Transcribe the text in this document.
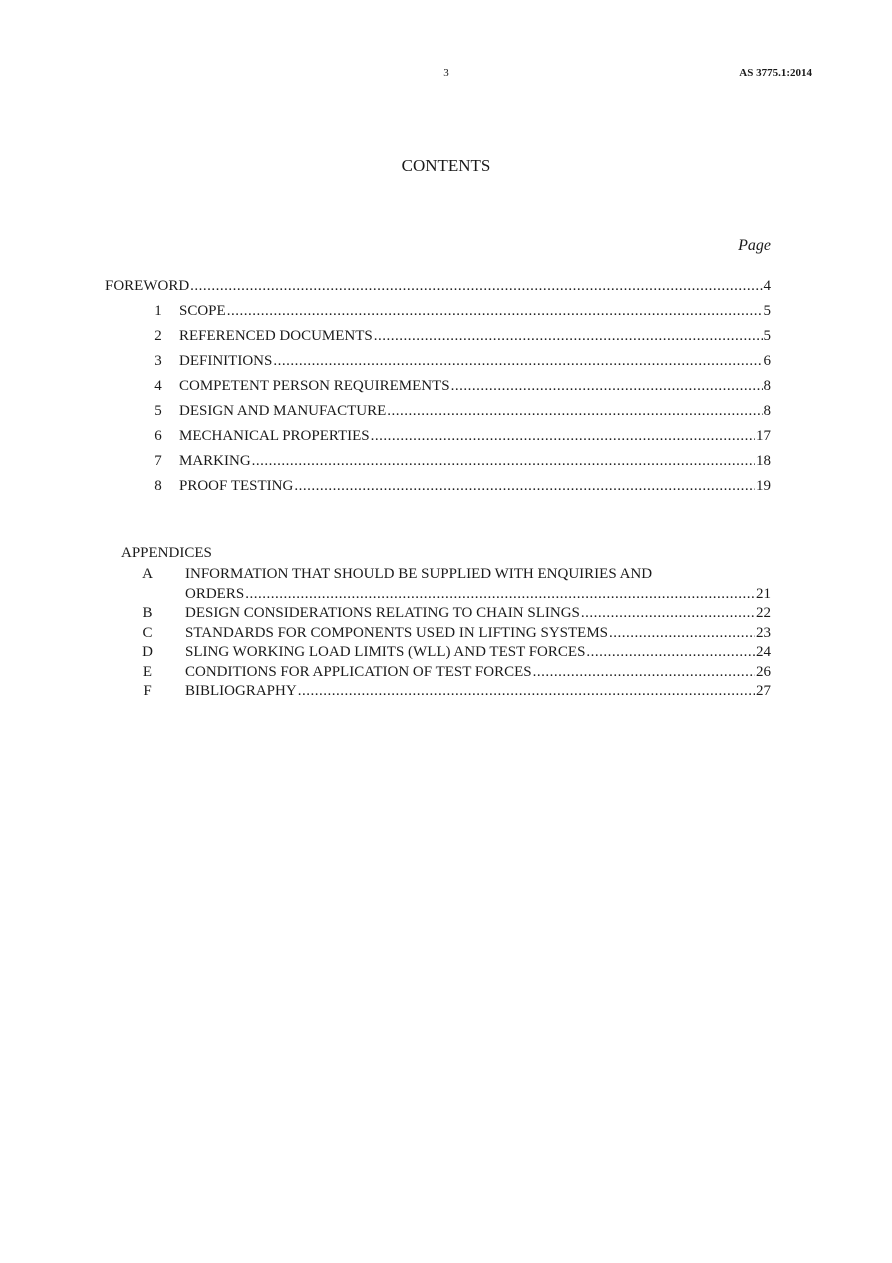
3	AS 3775.1:2014
CONTENTS
Page
FOREWORD .....	4
1	SCOPE .....	5
2	REFERENCED DOCUMENTS .....	5
3	DEFINITIONS .....	6
4	COMPETENT PERSON REQUIREMENTS .....	8
5	DESIGN AND MANUFACTURE .....	8
6	MECHANICAL PROPERTIES .....	17
7	MARKING .....	18
8	PROOF TESTING .....	19
APPENDICES
A	INFORMATION THAT SHOULD BE SUPPLIED WITH ENQUIRIES AND
ORDERS .....	21
B	DESIGN CONSIDERATIONS RELATING TO CHAIN SLINGS .....	22
C	STANDARDS FOR COMPONENTS USED IN LIFTING SYSTEMS .....	23
D	SLING WORKING LOAD LIMITS (WLL) AND TEST FORCES .....	24
E	CONDITIONS FOR APPLICATION OF TEST FORCES .....	26
F	BIBLIOGRAPHY .....	27
